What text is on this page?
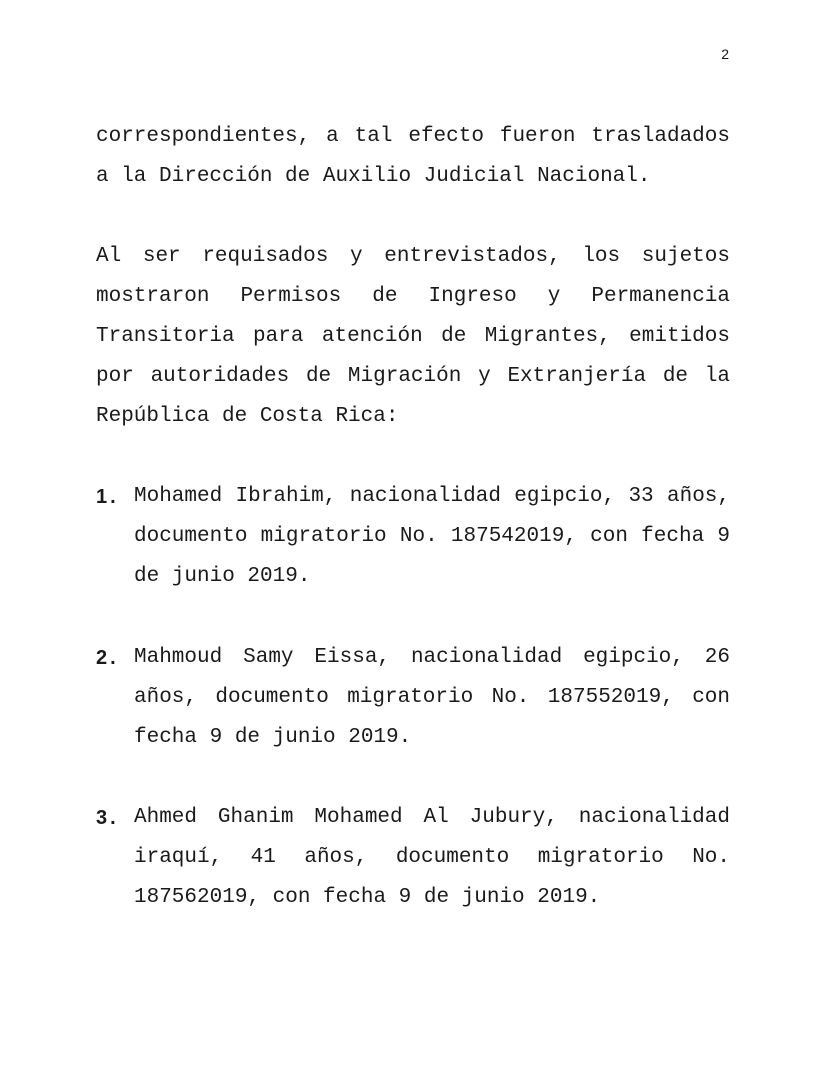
2

correspondientes, a tal efecto fueron trasladados a la Dirección de Auxilio Judicial Nacional.

Al ser requisados y entrevistados, los sujetos mostraron Permisos de Ingreso y Permanencia Transitoria para atención de Migrantes, emitidos por autoridades de Migración y Extranjería de la República de Costa Rica:

1. Mohamed Ibrahim, nacionalidad egipcio, 33 años, documento migratorio No. 187542019, con fecha 9 de junio 2019.
2. Mahmoud Samy Eissa, nacionalidad egipcio, 26 años, documento migratorio No. 187552019, con fecha 9 de junio 2019.
3. Ahmed Ghanim Mohamed Al Jubury, nacionalidad iraquí, 41 años, documento migratorio No. 187562019, con fecha 9 de junio 2019.
